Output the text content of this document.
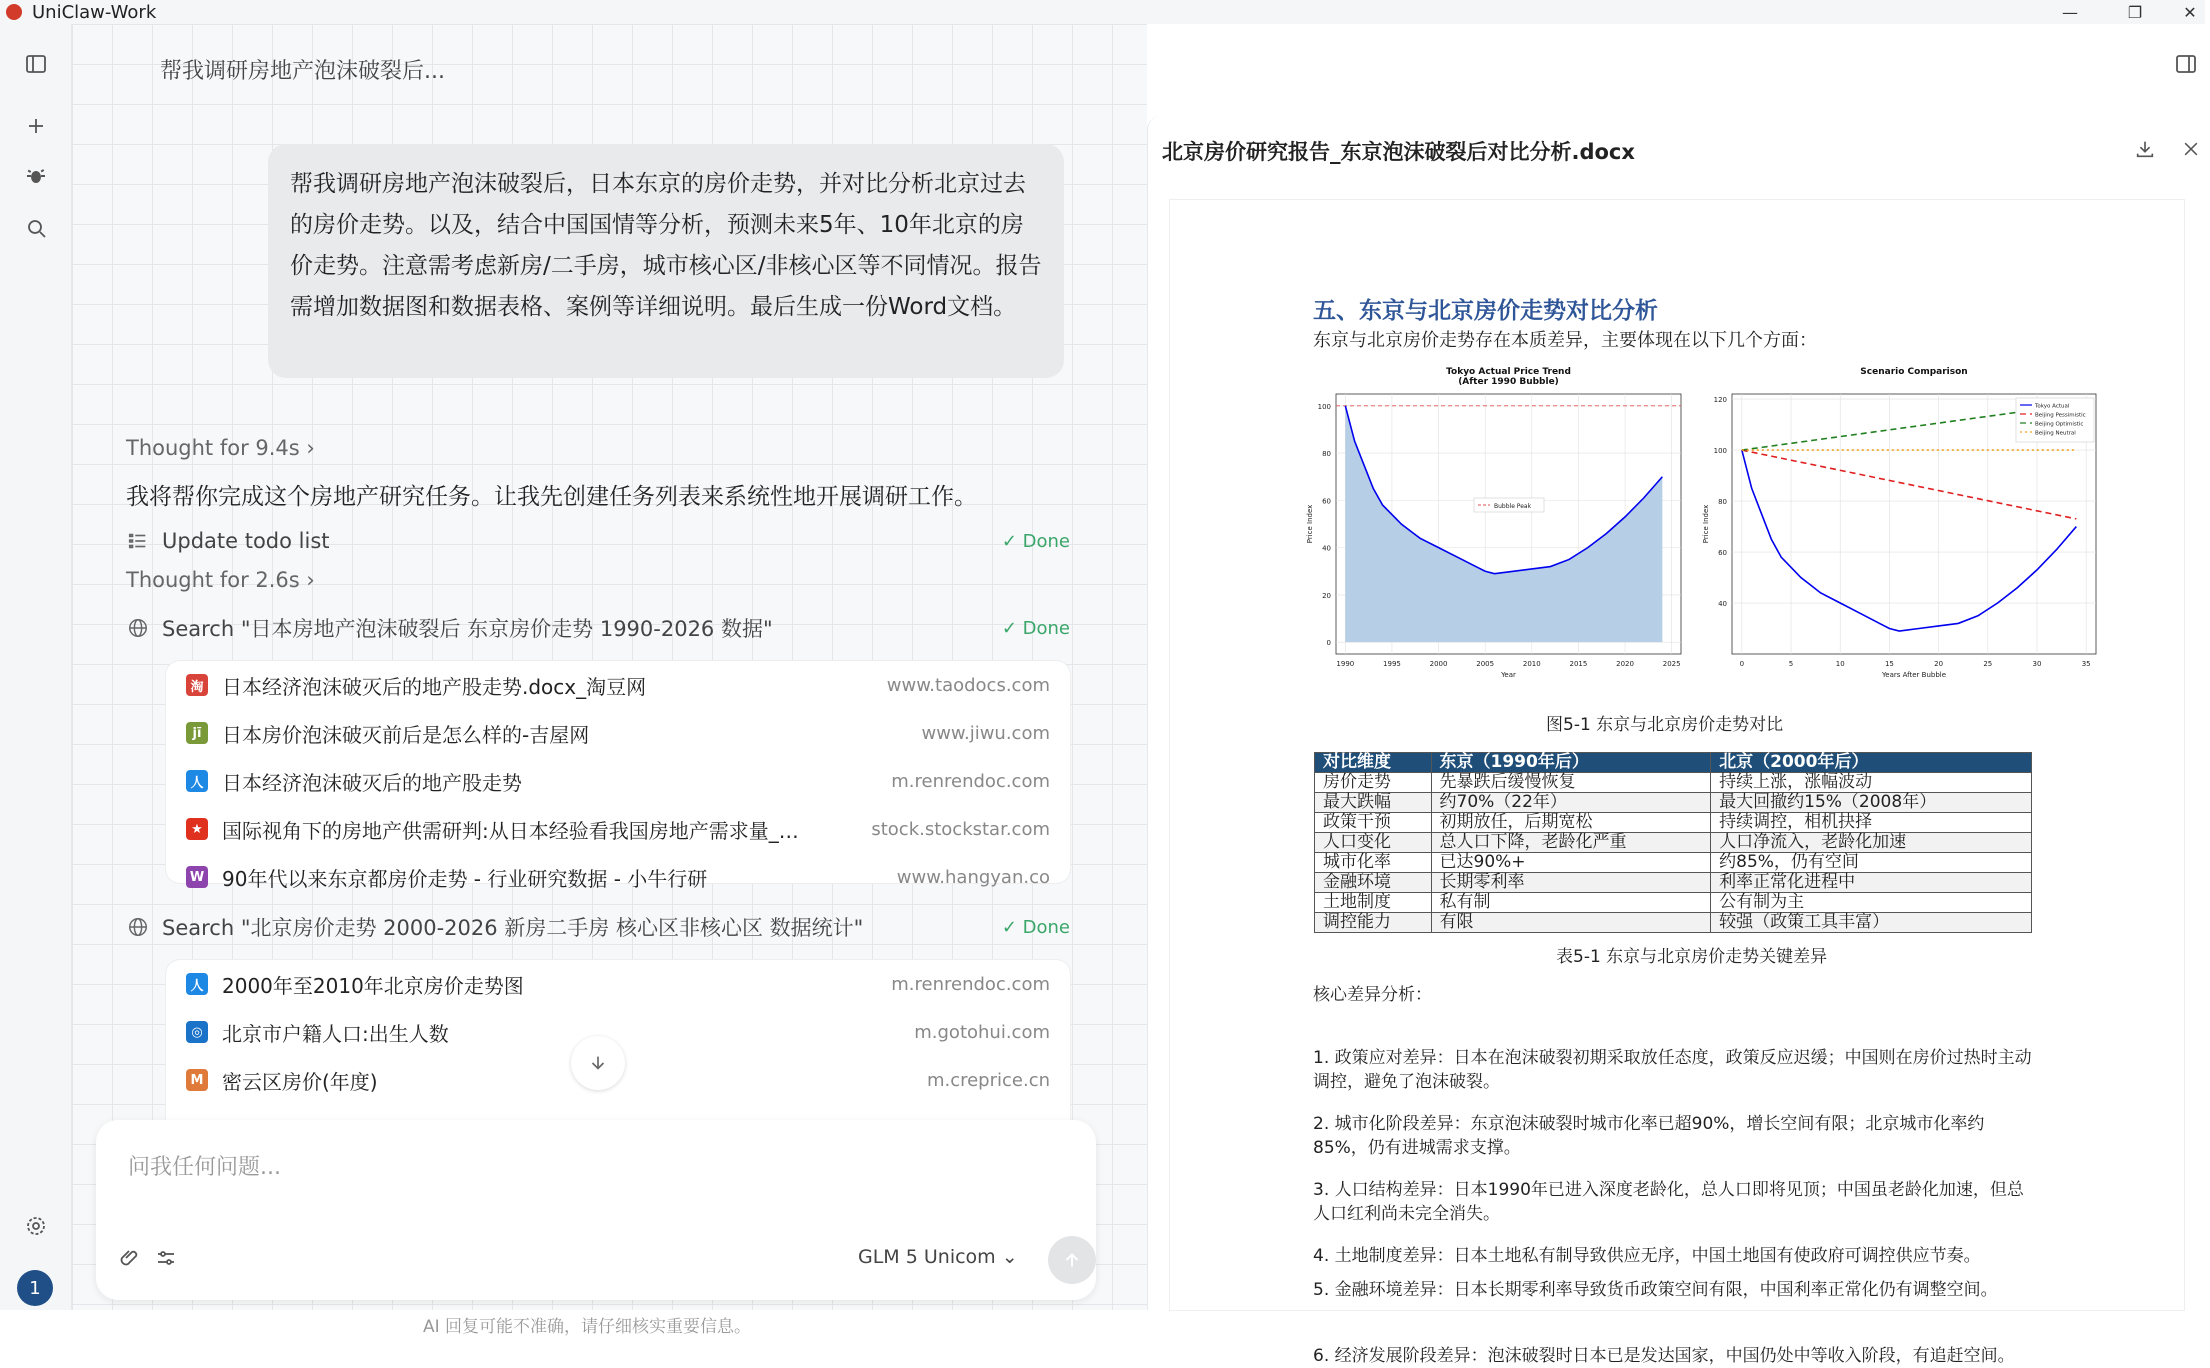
UniClaw-Work	—	❐	✕
1
帮我调研房地产泡沫破裂后...
帮我调研房地产泡沫破裂后，日本东京的房价走势，并对比分析北京过去的房价走势。以及，结合中国国情等分析，预测未来5年、10年北京的房价走势。注意需考虑新房/二手房，城市核心区/非核心区等不同情况。报告需增加数据图和数据表格、案例等详细说明。最后生成一份Word文档。
Thought for 9.4s ›
我将帮你完成这个房地产研究任务。让我先创建任务列表来系统性地开展调研工作。
Update todo list	✓ Done
Thought for 2.6s ›
Search "日本房地产泡沫破裂后 东京房价走势 1990-2026 数据"	✓ Done
淘 日本经济泡沫破灭后的地产股走势.docx_淘豆网	www.taodocs.com
jī	日本房价泡沫破灭前后是怎么样的-吉屋网	www.jiwu.com
人 日本经济泡沫破灭后的地产股走势	m.renrendoc.com
★ 国际视角下的房地产供需研判:从日本经验看我国房地产需求量_…	stock.stockstar.com
W 90年代以来东京都房价走势 - 行业研究数据 - 小牛行研	www.hangyan.co
Search "北京房价走势 2000-2026 新房二手房 核心区非核心区 数据统计"	✓ Done
人 2000年至2010年北京房价走势图	m.renrendoc.com
◎ 北京市户籍人口:出生人数	m.gotohui.com
M 密云区房价(年度)	m.creprice.cn
问我任何问题...
GLM 5 Unicom ⌄
AI 回复可能不准确，请仔细核实重要信息。
北京房价研究报告_东京泡沫破裂后对比分析.docx
五、东京与北京房价走势对比分析
东京与北京房价走势存在本质差异，主要体现在以下几个方面：
Tokyo Actual Price Trend
(After 1990 Bubble)
1990	1995	2000	2005	2010	2015	2020	2025
0
20
40
60
80
100
Year
Price Index	Bubble Peak
Scenario Comparison
0	5	10	15	20	25	30	35
40
60
80
100
120
Years After Bubble
Price Index
Tokyo Actual
Beijing Pessimistic
Beijing Optimistic
Beijing Neutral
图5-1 东京与北京房价走势对比
对比维度	东京（1990年后）	北京（2000年后）
房价走势	先暴跌后缓慢恢复	持续上涨，涨幅波动
最大跌幅	约70%（22年）	最大回撤约15%（2008年）
政策干预	初期放任，后期宽松	持续调控，相机抉择
人口变化	总人口下降，老龄化严重	人口净流入，老龄化加速
城市化率	已达90%+	约85%，仍有空间
金融环境	长期零利率	利率正常化进程中
土地制度	私有制	公有制为主
调控能力	有限	较强（政策工具丰富）
表5-1 东京与北京房价走势关键差异
核心差异分析：
1. 政策应对差异：日本在泡沫破裂初期采取放任态度，政策反应迟缓；中国则在房价过热时主动调控，避免了泡沫破裂。
2. 城市化阶段差异：东京泡沫破裂时城市化率已超90%，增长空间有限；北京城市化率约85%，仍有进城需求支撑。
3. 人口结构差异：日本1990年已进入深度老龄化，总人口即将见顶；中国虽老龄化加速，但总人口红利尚未完全消失。
4. 土地制度差异：日本土地私有制导致供应无序，中国土地国有使政府可调控供应节奏。
5. 金融环境差异：日本长期零利率导致货币政策空间有限，中国利率正常化仍有调整空间。
6. 经济发展阶段差异：泡沫破裂时日本已是发达国家，中国仍处中等收入阶段，有追赶空间。
